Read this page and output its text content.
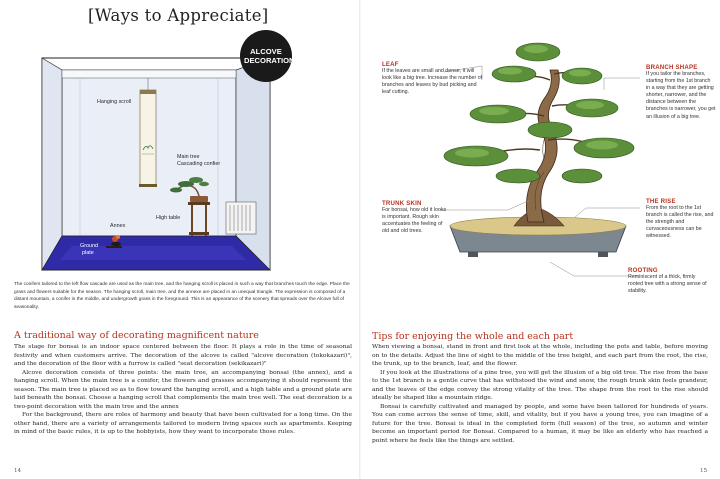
[Ways to Appreciate]
ALCOVE DECORATION
Hanging scroll
Main tree
Cascading confier
High table
Annex
Ground
plate
The conifers tailored to the left flow cascade are used as the main tree, and the hanging scroll is placed in such a way that branches touch the edge. Place the grass and flowers suitable for the season. The hanging scroll, main tree, and the annexe are placed in an unequal triangle. The expression is composed of a distant mountain, a conifer in the middle, and undergrowth grass in the foreground. This is an appearance of the scenery that spreads over the Alcove full of seasonality.
A traditional way of decorating magnificent nature

The stage for bonsai is an indoor space centered between the floor. It plays a role in the time of seasonal festivity and when customers arrive. The decoration of the alcove is called "alcove decoration (tokokazari)", and the decoration of the floor with a furrow is called "seat decoration (sekikazari)"

Alcove decoration consists of three points: the main tree, an accompanying bonsai (the annex), and a hanging scroll. When the main tree is a conifer, the flowers and grasses accompanying it should represent the season. The main tree is placed so as to flow toward the hanging scroll, and a high table and a ground plate are laid beneath the bonsai. Choose a hanging scroll that complements the main tree well. The seat decoration is a two-point decoration with the main tree and the annex

For the background, there are roles of harmony and beauty that have been cultivated for a long time. On the other hand, there are a variety of arrangements tailored to modern living spaces such as apartments. Keeping in mind of the basic rules, it is up to the hobbyists, how they want to incorporate those rules.

14
LEAF
If the leaves are small and dense, it will look like a big tree. Increase the number of branches and leaves by bud picking and leaf cutting.
BRANCH SHAPE
If you tailor the branches, starting from the 1st branch in a way that they are getting shorter, narrower, and the distance between the branches is narrower, you get an illusion of a big tree.
TRUNK SKIN
For bonsai, how old it looks is important. Rough skin accentuates the feeling of old and old trees.
THE RISE
From the root to the 1st branch is called the rise, and the strength and curvaceousness can be witnessed.
ROOTING
Reminiscent of a thick, firmly rooted tree with a strong sense of stability.
Tips for enjoying the whole and each part

When viewing a bonsai, stand in front and first look at the whole, including the pots and table, before moving on to the details. Adjust the line of sight to the middle of the tree height, and each part from the root, the rise, the trunk, up to the branch, leaf, and the flower.

If you look at the illustrations of a pine tree, you will get the illusion of a big old tree. The rise from the base to the 1st branch is a gentle curve that has withstood the wind and snow, the rough trunk skin feels grandeur, and the leaves of the edge convey the strong vitality of the tree. The shape from the root to the rise should ideally be shaped like a mountain ridge.

Bonsai is carefully cultivated and managed by people, and some have been tailored for hundreds of years. You can come across the sense of time, skill, and vitality, but if you have a young tree, you can imagine of a future for the tree. Bonsai is ideal in the completed form (full season) of the tree, so autumn and winter become an important period for Bonsai. Compared to a human, it may be like an elderly who has reached a point where he feels like the things are settled.

15
